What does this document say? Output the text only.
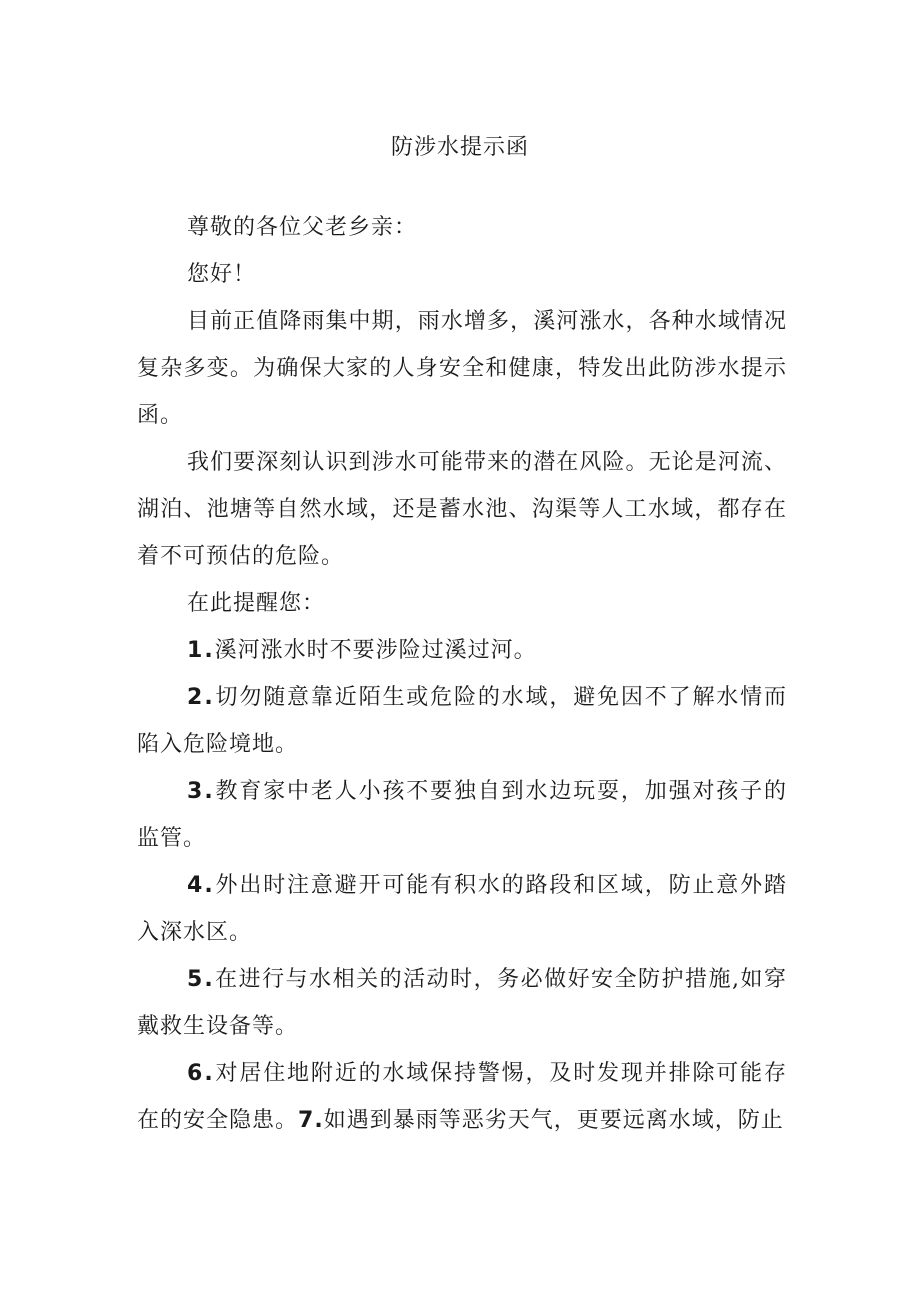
防涉水提示函

尊敬的各位父老乡亲：

您好！

目前正值降雨集中期，雨水增多，溪河涨水，各种水域情况复杂多变。为确保大家的人身安全和健康，特发出此防涉水提示函。

我们要深刻认识到涉水可能带来的潜在风险。无论是河流、湖泊、池塘等自然水域，还是蓄水池、沟渠等人工水域，都存在着不可预估的危险。

在此提醒您：

1.溪河涨水时不要涉险过溪过河。

2.切勿随意靠近陌生或危险的水域，避免因不了解水情而陷入危险境地。

3.教育家中老人小孩不要独自到水边玩耍，加强对孩子的监管。

4.外出时注意避开可能有积水的路段和区域，防止意外踏入深水区。

5.在进行与水相关的活动时，务必做好安全防护措施,如穿戴救生设备等。

6.对居住地附近的水域保持警惕，及时发现并排除可能存在的安全隐患。7.如遇到暴雨等恶劣天气，更要远离水域，防止
